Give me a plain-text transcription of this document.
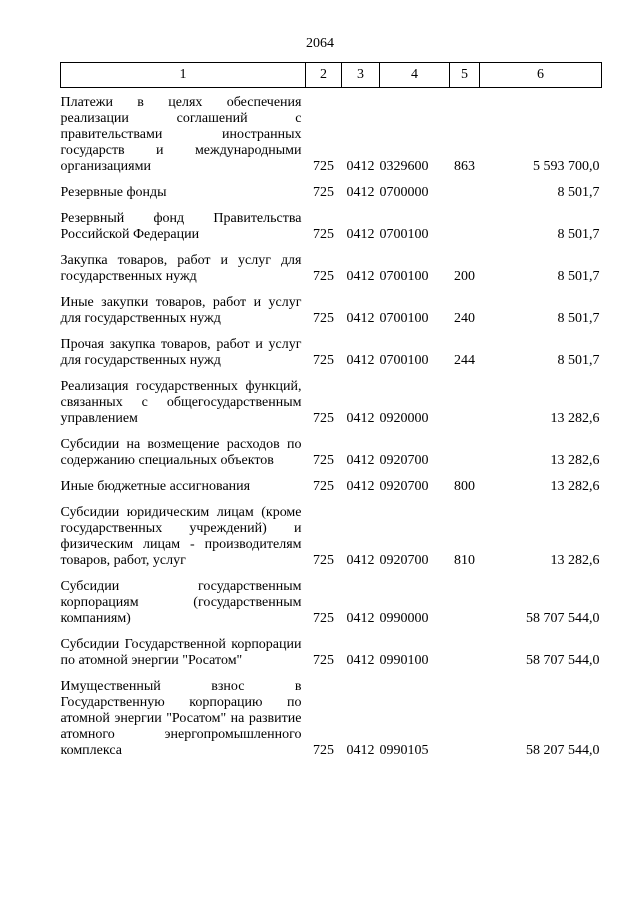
2064
1	2	3	4	5	6
Платежи в целях обеспечения реализации соглашений с правительствами иностранных государств и международными организациями	725	0412	0329600	863	5 593 700,0
Резервные фонды	725	0412	0700000		8 501,7
Резервный фонд Правительства Российской Федерации	725	0412	0700100		8 501,7
Закупка товаров, работ и услуг для государственных нужд	725	0412	0700100	200	8 501,7
Иные закупки товаров, работ и услуг для государственных нужд	725	0412	0700100	240	8 501,7
Прочая закупка товаров, работ и услуг для государственных нужд	725	0412	0700100	244	8 501,7
Реализация государственных функций, связанных с общегосударственным управлением	725	0412	0920000		13 282,6
Субсидии на возмещение расходов по содержанию специальных объектов	725	0412	0920700		13 282,6
Иные бюджетные ассигнования	725	0412	0920700	800	13 282,6
Субсидии юридическим лицам (кроме государственных учреждений) и физическим лицам - производителям товаров, работ, услуг	725	0412	0920700	810	13 282,6
Субсидии государственным корпорациям (государственным компаниям)	725	0412	0990000		58 707 544,0
Субсидии Государственной корпорации по атомной энергии "Росатом"	725	0412	0990100		58 707 544,0
Имущественный взнос в Государственную корпорацию по атомной энергии "Росатом" на развитие атомного энергопромышленного комплекса	725	0412	0990105		58 207 544,0
